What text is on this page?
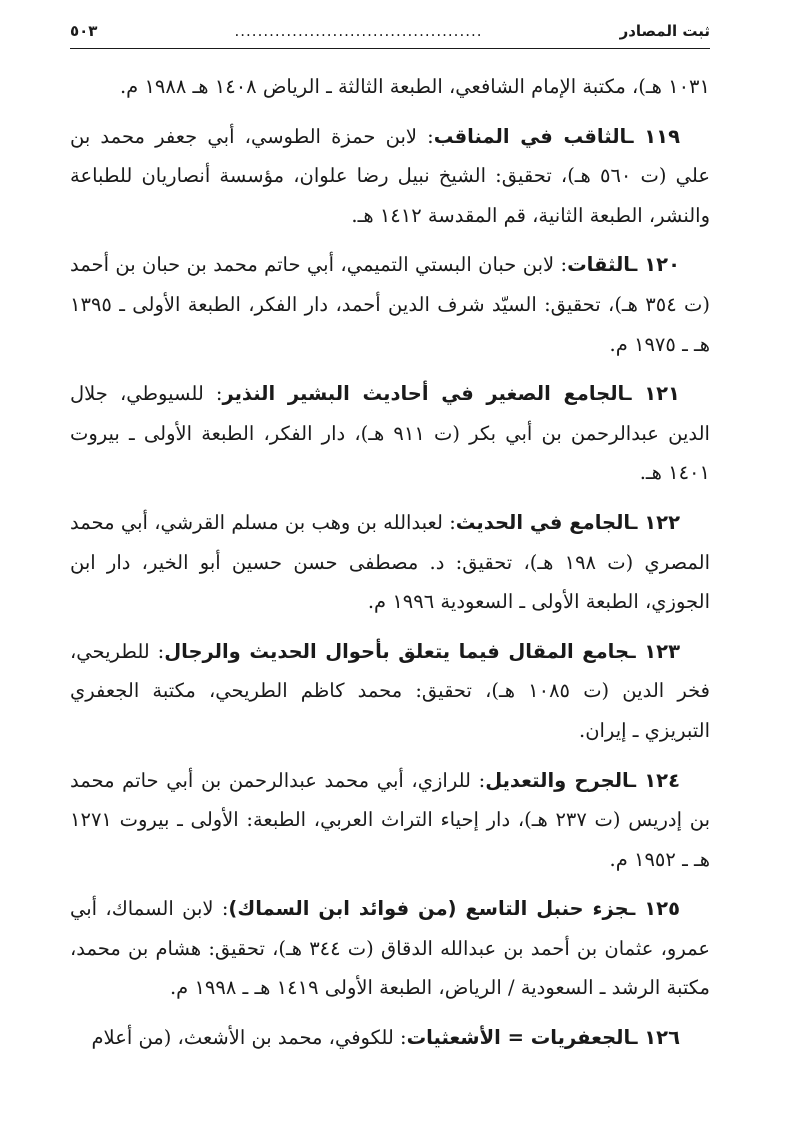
ثبت المصادر
...........................................
٥٠٣

١٠٣١ هـ)، مكتبة الإمام الشافعي، الطبعة الثالثة ـ الرياض ١٤٠٨ هـ ١٩٨٨ م.

١١٩ ـالثاقب في المناقب: لابن حمزة الطوسي، أبي جعفر محمد بن علي (ت ٥٦٠ هـ)، تحقيق: الشيخ نبيل رضا علوان، مؤسسة أنصاريان للطباعة والنشر، الطبعة الثانية، قم المقدسة ١٤١٢ هـ.

١٢٠ ـالثقات: لابن حبان البستي التميمي، أبي حاتم محمد بن حبان بن أحمد (ت ٣٥٤ هـ)، تحقيق: السيّد شرف الدين أحمد، دار الفكر، الطبعة الأولى ـ ١٣٩٥ هـ ـ ١٩٧٥ م.

١٢١ ـالجامع الصغير في أحاديث البشير النذير: للسيوطي، جلال الدين عبدالرحمن بن أبي بكر (ت ٩١١ هـ)، دار الفكر، الطبعة الأولى ـ بيروت ١٤٠١ هـ.

١٢٢ ـالجامع في الحديث: لعبدالله بن وهب بن مسلم القرشي، أبي محمد المصري (ت ١٩٨ هـ)، تحقيق: د. مصطفى حسن حسين أبو الخير، دار ابن الجوزي، الطبعة الأولى ـ السعودية ١٩٩٦ م.

١٢٣ ـجامع المقال فيما يتعلق بأحوال الحديث والرجال: للطريحي، فخر الدين (ت ١٠٨٥ هـ)، تحقيق: محمد كاظم الطريحي، مكتبة الجعفري التبريزي ـ إيران.

١٢٤ ـالجرح والتعديل: للرازي، أبي محمد عبدالرحمن بن أبي حاتم محمد بن إدريس (ت ٢٣٧ هـ)، دار إحياء التراث العربي، الطبعة: الأولى ـ بيروت ١٢٧١ هـ ـ ١٩٥٢ م.

١٢٥ ـجزء حنبل التاسع (من فوائد ابن السماك): لابن السماك، أبي عمرو، عثمان بن أحمد بن عبدالله الدقاق (ت ٣٤٤ هـ)، تحقيق: هشام بن محمد، مكتبة الرشد ـ السعودية / الرياض، الطبعة الأولى ١٤١٩ هـ ـ ١٩٩٨ م.

١٢٦ ـالجعفريات = الأشعثيات: للكوفي، محمد بن الأشعث، (من أعلام
